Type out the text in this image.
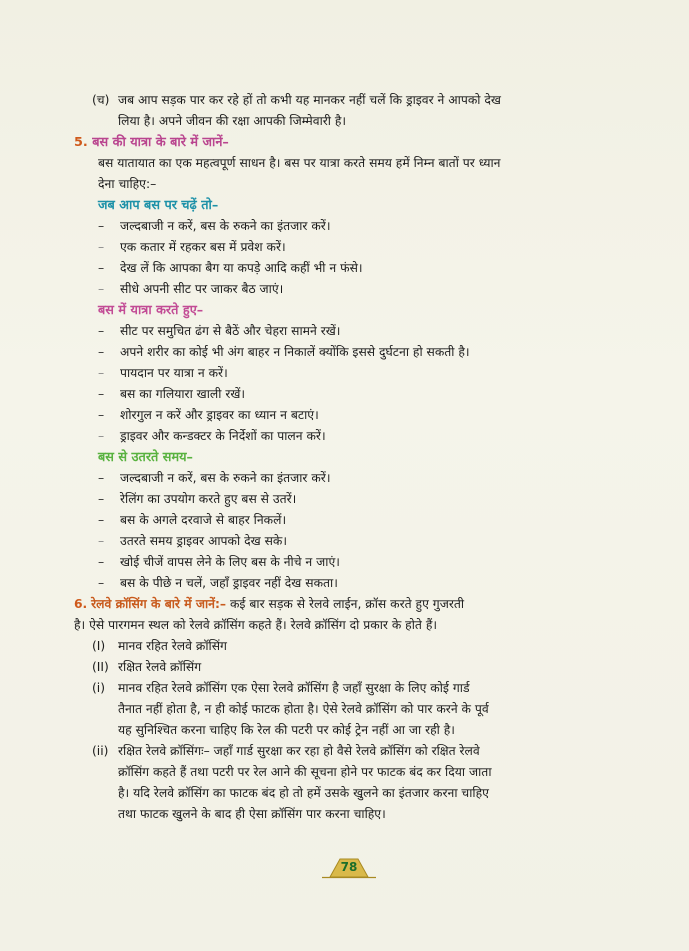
(च) जब आप सड़क पार कर रहे हों तो कभी यह मानकर नहीं चलें कि ड्राइवर ने आपको देख
लिया है। अपने जीवन की रक्षा आपकी जिम्मेवारी है।
5. बस की यात्रा के बारे में जानें–
बस यातायात का एक महत्वपूर्ण साधन है। बस पर यात्रा करते समय हमें निम्न बातों पर ध्यान
देना चाहिए:–
जब आप बस पर चढ़ें तो–
–	जल्दबाजी न करें, बस के रुकने का इंतजार करें।
–	एक कतार में रहकर बस में प्रवेश करें।
–	देख लें कि आपका बैग या कपड़े आदि कहीं भी न फंसे।
–	सीधे अपनी सीट पर जाकर बैठ जाएं।
बस में यात्रा करते हुए–
–	सीट पर समुचित ढंग से बैठें और चेहरा सामने रखें।
–	अपने शरीर का कोई भी अंग बाहर न निकालें क्योंकि इससे दुर्घटना हो सकती है।
–	पायदान पर यात्रा न करें।
–	बस का गलियारा खाली रखें।
–	शोरगुल न करें और ड्राइवर का ध्यान न बटाएं।
–	ड्राइवर और कन्डक्टर के निर्देशों का पालन करें।
बस से उतरते समय–
–	जल्दबाजी न करें, बस के रुकने का इंतजार करें।
–	रेलिंग का उपयोग करते हुए बस से उतरें।
–	बस के अगले दरवाजे से बाहर निकलें।
–	उतरते समय ड्राइवर आपको देख सके।
–	खोई चीजें वापस लेने के लिए बस के नीचे न जाएं।
–	बस के पीछे न चलें, जहाँ ड्राइवर नहीं देख सकता।
6. रेलवे क्रॉसिंग के बारे में जानें:– कई बार सड़क से रेलवे लाईन, क्रॉस करते हुए गुजरती
है। ऐसे पारगमन स्थल को रेलवे क्रॉसिंग कहते हैं। रेलवे क्रॉसिंग दो प्रकार के होते हैं।
(I)	मानव रहित रेलवे क्रॉसिंग
(II) रक्षित रेलवे क्रॉसिंग
(i)	मानव रहित रेलवे क्रॉसिंग एक ऐसा रेलवे क्रॉसिंग है जहाँ सुरक्षा के लिए कोई गार्ड
तैनात नहीं होता है, न ही कोई फाटक होता है। ऐसे रेलवे क्रॉसिंग को पार करने के पूर्व
यह सुनिश्चित करना चाहिए कि रेल की पटरी पर कोई ट्रेन नहीं आ जा रही है।
(ii) रक्षित रेलवे क्रॉसिंगः– जहाँ गार्ड सुरक्षा कर रहा हो वैसे रेलवे क्रॉसिंग को रक्षित रेलवे
क्रॉसिंग कहते हैं तथा पटरी पर रेल आने की सूचना होने पर फाटक बंद कर दिया जाता
है। यदि रेलवे क्रॉसिंग का फाटक बंद हो तो हमें उसके खुलने का इंतजार करना चाहिए
तथा फाटक खुलने के बाद ही ऐसा क्रॉसिंग पार करना चाहिए।
78
